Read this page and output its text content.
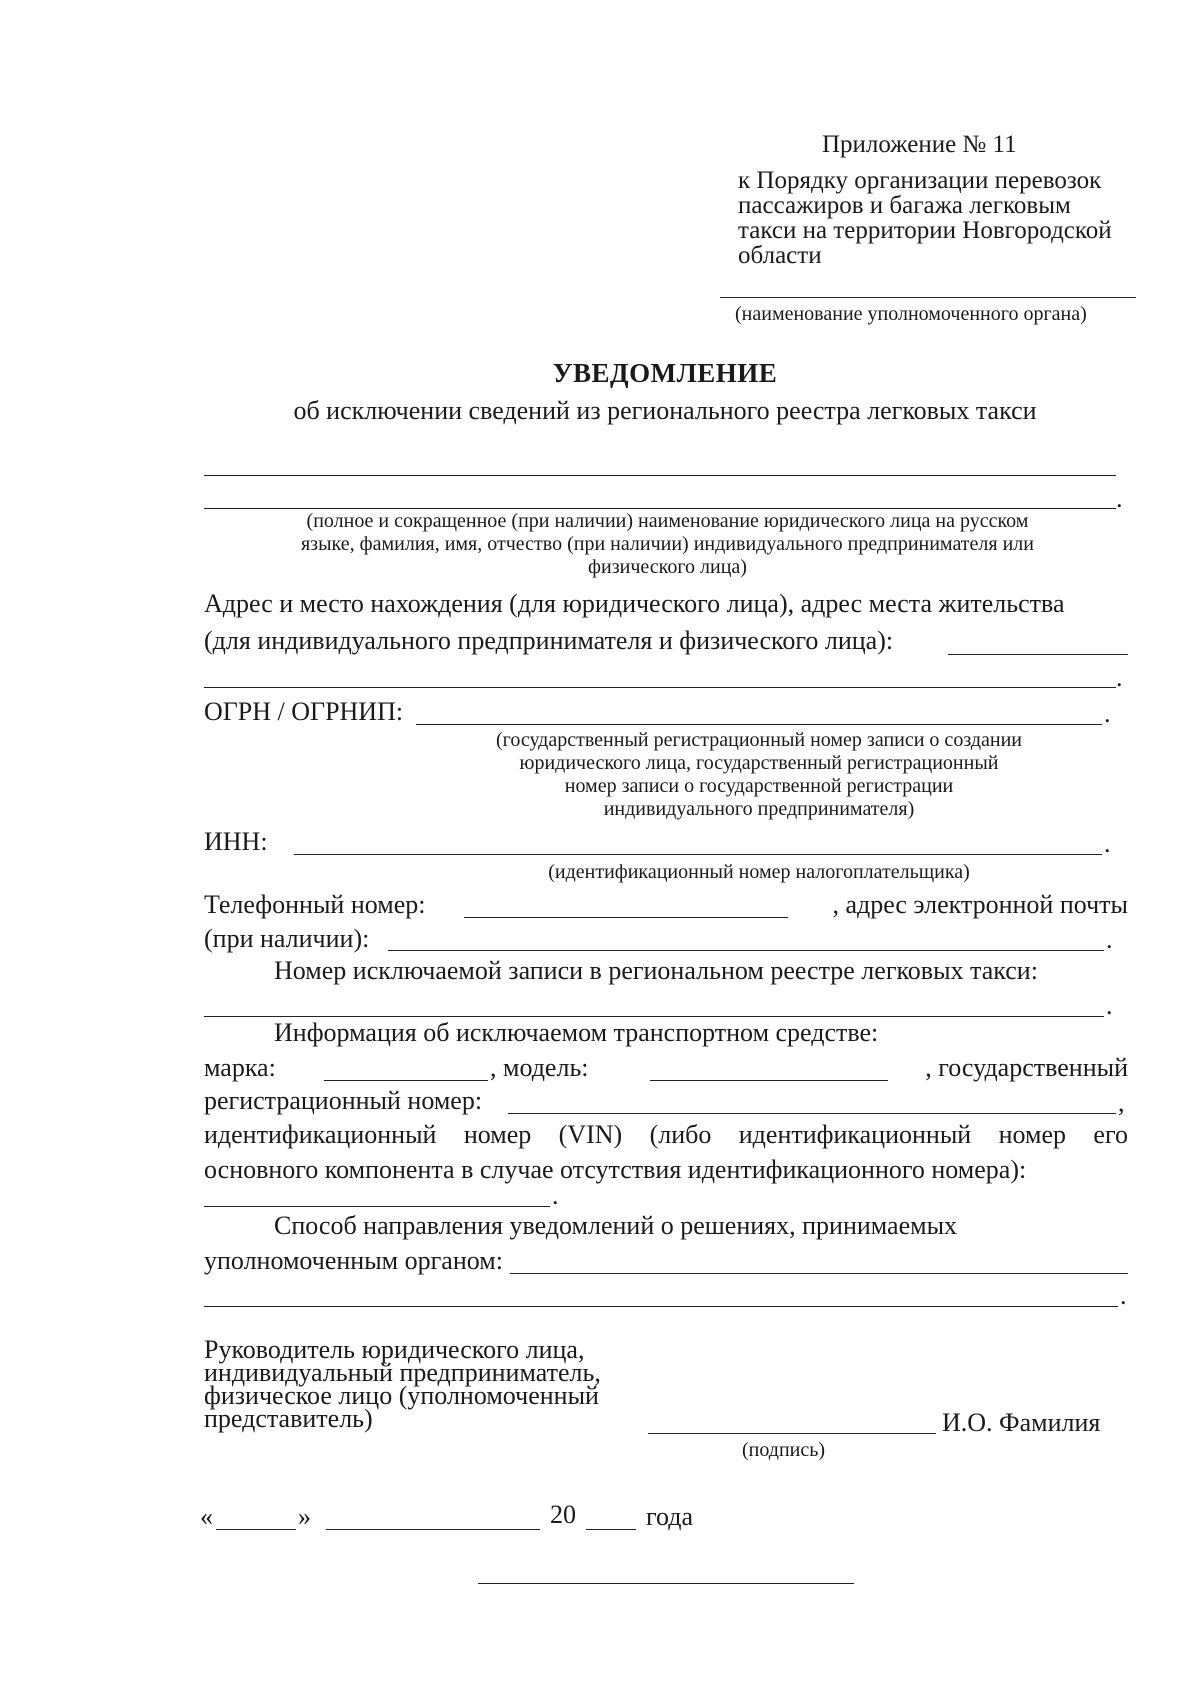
Приложение № 11
к Порядку организации перевозок
пассажиров и багажа легковым
такси на территории Новгородской
области
(наименование уполномоченного органа)
УВЕДОМЛЕНИЕ
об исключении сведений из регионального реестра легковых такси
.
(полное и сокращенное (при наличии) наименование юридического лица на русском
языке, фамилия, имя, отчество (при наличии) индивидуального предпринимателя или
физического лица)
Адрес и место нахождения (для юридического лица), адрес места жительства
(для индивидуального предпринимателя и физического лица):
.
ОГРН / ОГРНИП:	.
(государственный регистрационный номер записи о создании
юридического лица, государственный регистрационный
номер записи о государственной регистрации
индивидуального предпринимателя)
ИНН:	.
(идентификационный номер налогоплательщика)
Телефонный номер:	, адрес электронной почты
(при наличии):	.
Номер исключаемой записи в региональном реестре легковых такси:
.
Информация об исключаемом транспортном средстве:
марка:	, модель:	, государственный
регистрационный номер:	,
идентификационный номер (VIN) (либо идентификационный номер его
основного компонента в случае отсутствия идентификационного номера):
.
Способ направления уведомлений о решениях, принимаемых
уполномоченным органом:
.
Руководитель юридического лица,
индивидуальный предприниматель,
физическое лицо (уполномоченный
представитель)	И.О. Фамилия
(подпись)
«	»	20	года
